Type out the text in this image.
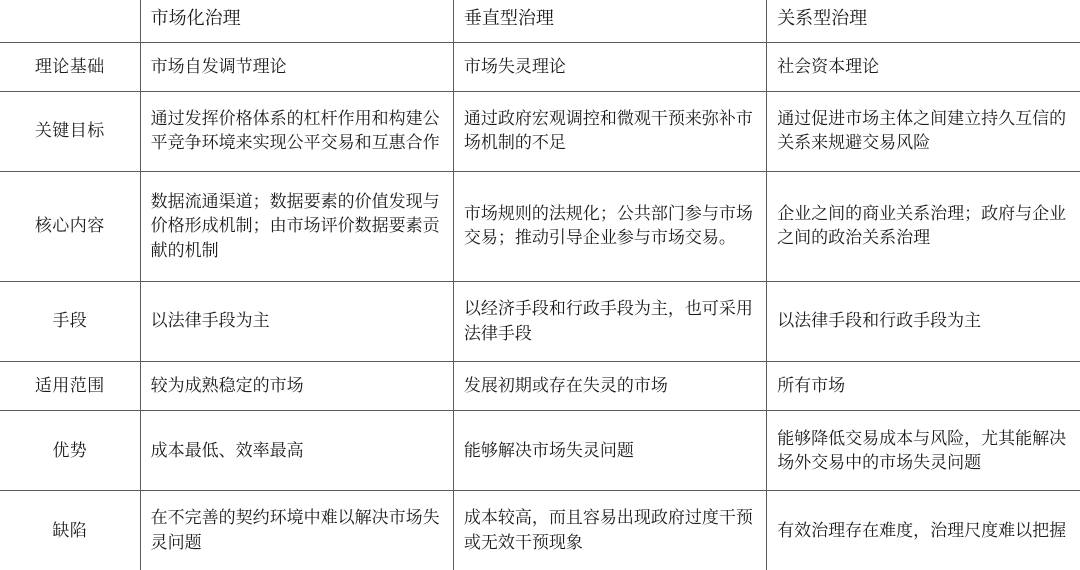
	市场化治理	垂直型治理	关系型治理

理论基础	市场自发调节理论	市场失灵理论	社会资本理论

关键目标	通过发挥价格体系的杠杆作用和构建公平竞争环境来实现公平交易和互惠合作	通过政府宏观调控和微观干预来弥补市场机制的不足	通过促进市场主体之间建立持久互信的关系来规避交易风险

核心内容	数据流通渠道；数据要素的价值发现与价格形成机制；由市场评价数据要素贡献的机制	市场规则的法规化；公共部门参与市场交易；推动引导企业参与市场交易。	企业之间的商业关系治理；政府与企业之间的政治关系治理

手段	以法律手段为主	以经济手段和行政手段为主，也可采用法律手段	以法律手段和行政手段为主

适用范围	较为成熟稳定的市场	发展初期或存在失灵的市场	所有市场

优势	成本最低、效率最高	能够解决市场失灵问题	能够降低交易成本与风险，尤其能解决场外交易中的市场失灵问题

缺陷	在不完善的契约环境中难以解决市场失灵问题	成本较高，而且容易出现政府过度干预或无效干预现象	有效治理存在难度，治理尺度难以把握
